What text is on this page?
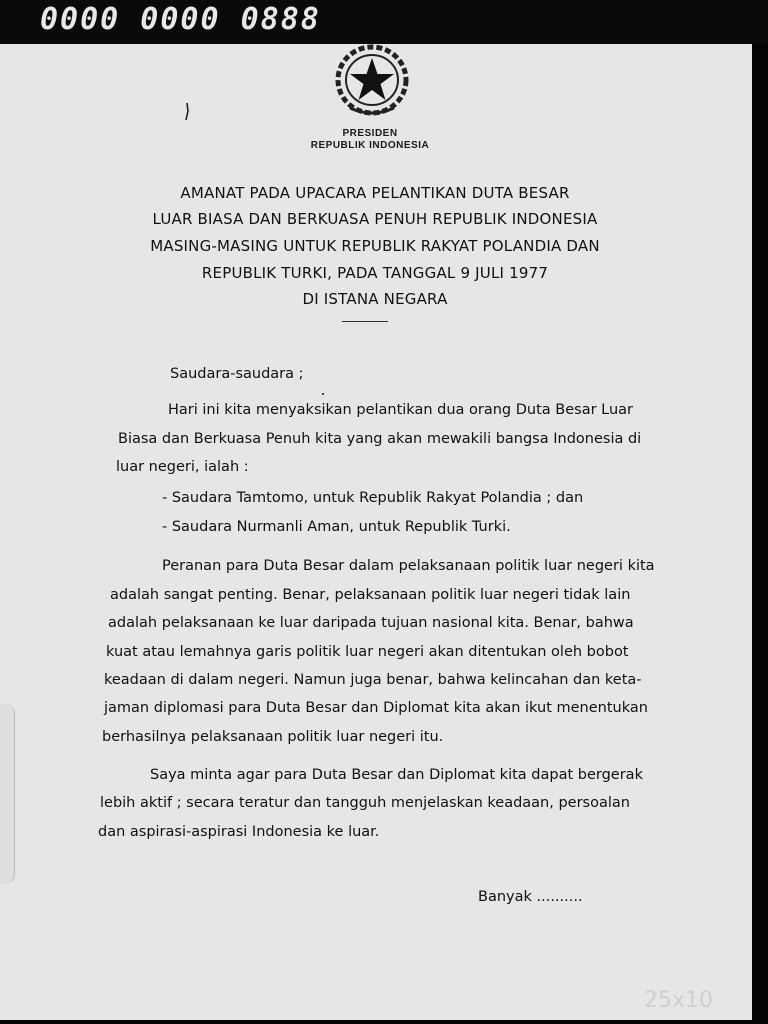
0000 0000 0888
PRESIDEN
REPUBLIK INDONESIA
AMANAT PADA UPACARA PELANTIKAN DUTA BESAR
LUAR BIASA DAN BERKUASA PENUH REPUBLIK INDONESIA
MASING-MASING UNTUK REPUBLIK RAKYAT POLANDIA DAN
REPUBLIK TURKI, PADA TANGGAL 9 JULI 1977
DI ISTANA NEGARA
Saudara-saudara ;
Hari ini kita menyaksikan pelantikan dua orang Duta Besar Luar
Biasa dan Berkuasa Penuh kita yang akan mewakili bangsa Indonesia di
luar negeri, ialah :
- Saudara Tamtomo, untuk Republik Rakyat Polandia ; dan
- Saudara Nurmanli Aman, untuk Republik Turki.
Peranan para Duta Besar dalam pelaksanaan politik luar negeri kita
adalah sangat penting. Benar, pelaksanaan politik luar negeri tidak lain
adalah pelaksanaan ke luar daripada tujuan nasional kita. Benar, bahwa
kuat atau lemahnya garis politik luar negeri akan ditentukan oleh bobot
keadaan di dalam negeri. Namun juga benar, bahwa kelincahan dan keta-
jaman diplomasi para Duta Besar dan Diplomat kita akan ikut menentukan
berhasilnya pelaksanaan politik luar negeri itu.
Saya minta agar para Duta Besar dan Diplomat kita dapat bergerak
lebih aktif ; secara teratur dan tangguh menjelaskan keadaan, persoalan
dan aspirasi-aspirasi Indonesia ke luar.
Banyak ..........
25x10
